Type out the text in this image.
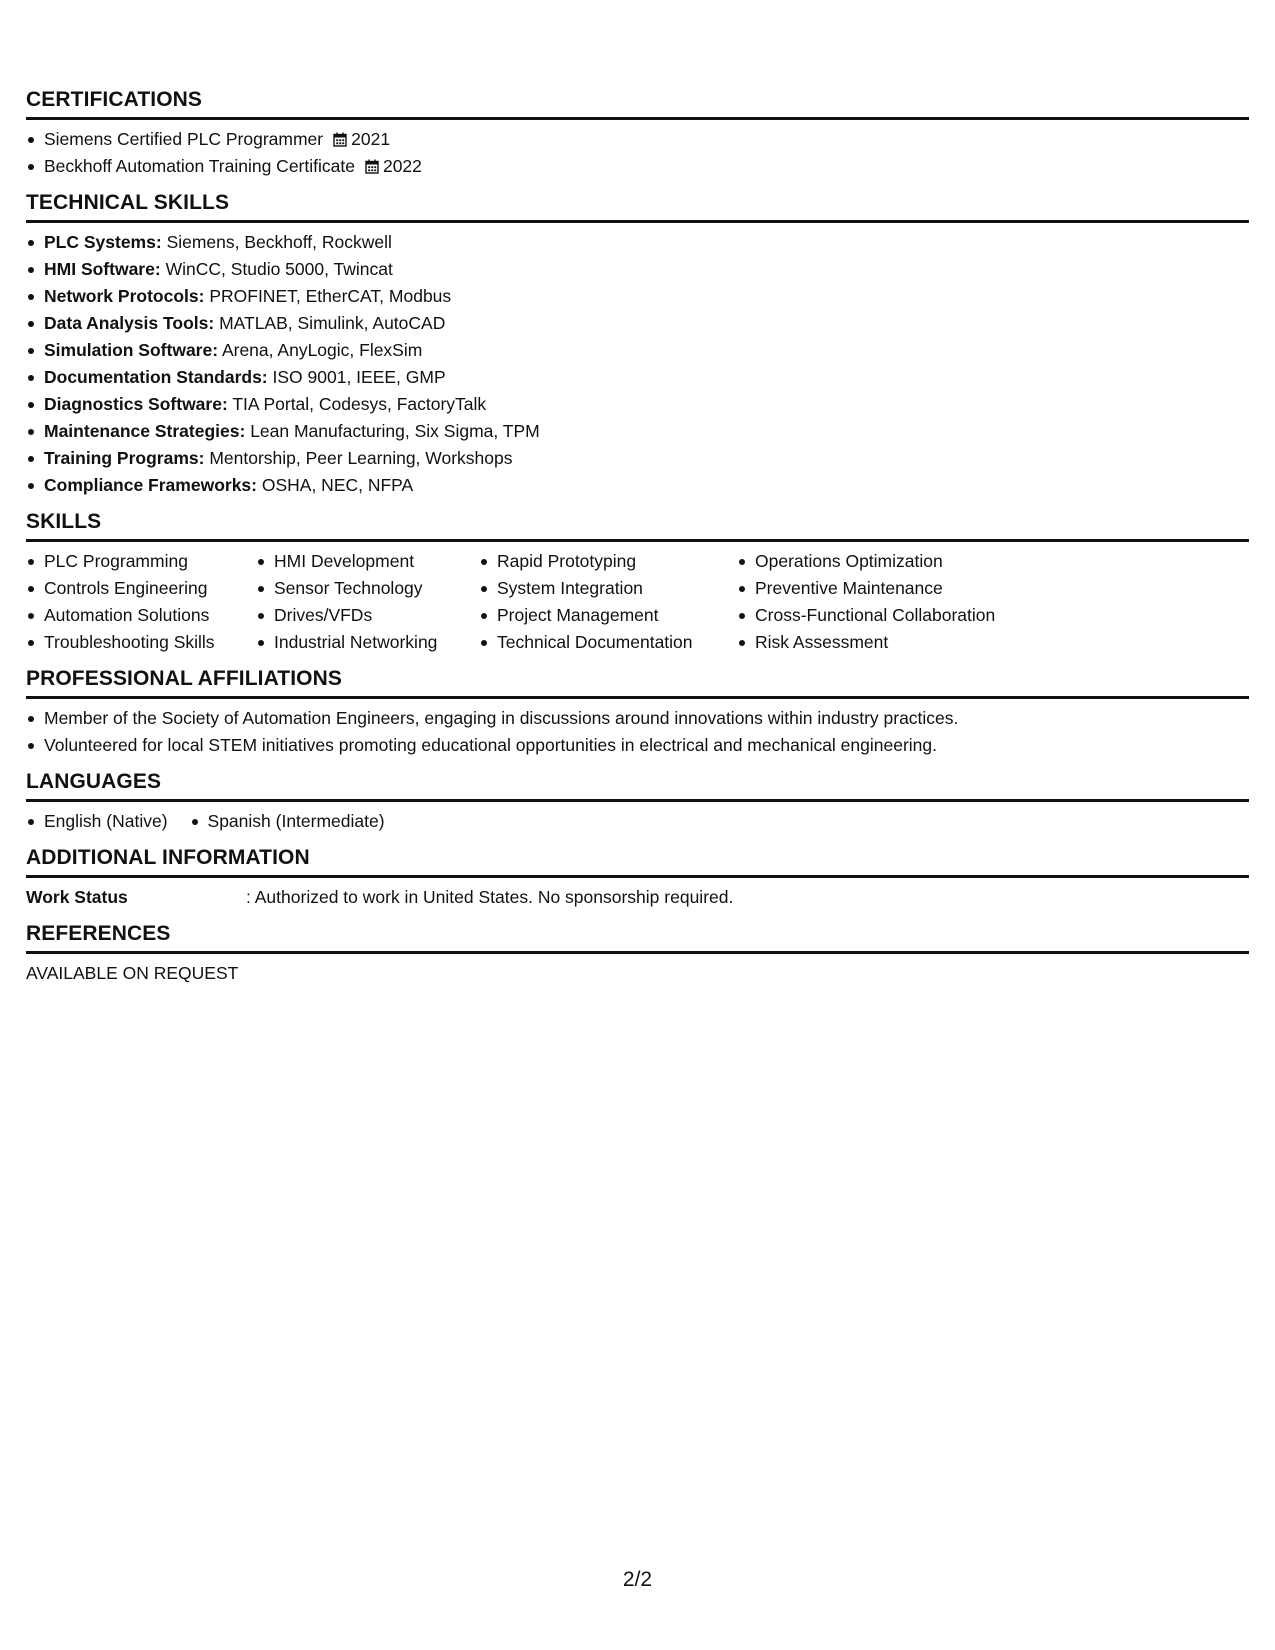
CERTIFICATIONS
Siemens Certified PLC Programmer 2021
Beckhoff Automation Training Certificate 2022
TECHNICAL SKILLS
PLC Systems: Siemens, Beckhoff, Rockwell
HMI Software: WinCC, Studio 5000, Twincat
Network Protocols: PROFINET, EtherCAT, Modbus
Data Analysis Tools: MATLAB, Simulink, AutoCAD
Simulation Software: Arena, AnyLogic, FlexSim
Documentation Standards: ISO 9001, IEEE, GMP
Diagnostics Software: TIA Portal, Codesys, FactoryTalk
Maintenance Strategies: Lean Manufacturing, Six Sigma, TPM
Training Programs: Mentorship, Peer Learning, Workshops
Compliance Frameworks: OSHA, NEC, NFPA
SKILLS
PLC Programming
Controls Engineering
Automation Solutions
Troubleshooting Skills
HMI Development
Sensor Technology
Drives/VFDs
Industrial Networking
Rapid Prototyping
System Integration
Project Management
Technical Documentation
Operations Optimization
Preventive Maintenance
Cross-Functional Collaboration
Risk Assessment
PROFESSIONAL AFFILIATIONS
Member of the Society of Automation Engineers, engaging in discussions around innovations within industry practices.
Volunteered for local STEM initiatives promoting educational opportunities in electrical and mechanical engineering.
LANGUAGES
English (Native)	Spanish (Intermediate)
ADDITIONAL INFORMATION
Work Status	: Authorized to work in United States. No sponsorship required.
REFERENCES
AVAILABLE ON REQUEST
2/2
